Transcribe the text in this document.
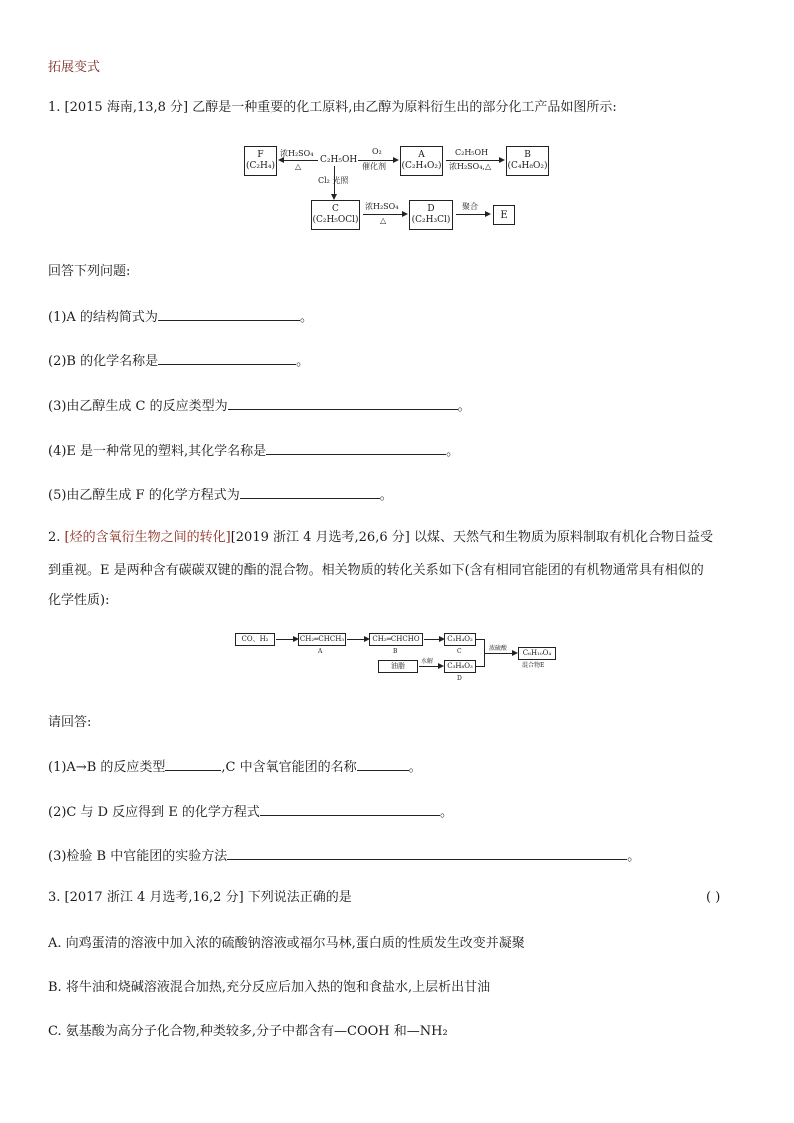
拓展变式
1. [2015 海南,13,8 分] 乙醇是一种重要的化工原料,由乙醇为原料衍生出的部分化工产品如图所示:
F
(C₂H₄)
浓H₂SO₄
△
C₂H₅OH
O₂
催化剂
A
(C₂H₄O₂)
C₂H₅OH
浓H₂SO₄,△
B
(C₄H₈O₂)
Cl₂ 光照
C
(C₂H₅OCl)
浓H₂SO₄
△
D
(C₂H₃Cl)
聚合
E
回答下列问题:
(1)A 的结构简式为	。
(2)B 的化学名称是	。
(3)由乙醇生成 C 的反应类型为	。
(4)E 是一种常见的塑料,其化学名称是	。
(5)由乙醇生成 F 的化学方程式为	。
2. [烃的含氧衍生物之间的转化][2019 浙江 4 月选考,26,6 分] 以煤、天然气和生物质为原料制取有机化合物日益受
到重视。E 是两种含有碳碳双键的酯的混合物。相关物质的转化关系如下(含有相同官能团的有机物通常具有相似的
化学性质):
CO、H₂	CH₂═CHCH₃
A
CH₂═CHCHO
B
C₃H₄O₂
C	浓硫酸
C₆H₁₀O₄
混合物E
油脂
水解
C₃H₈O₃
D
请回答:
(1)A→B 的反应类型	,C 中含氧官能团的名称	。
(2)C 与 D 反应得到 E 的化学方程式	。
(3)检验 B 中官能团的实验方法	。
3. [2017 浙江 4 月选考,16,2 分] 下列说法正确的是	( )
A. 向鸡蛋清的溶液中加入浓的硫酸钠溶液或福尔马林,蛋白质的性质发生改变并凝聚
B. 将牛油和烧碱溶液混合加热,充分反应后加入热的饱和食盐水,上层析出甘油
C. 氨基酸为高分子化合物,种类较多,分子中都含有—COOH 和—NH₂
